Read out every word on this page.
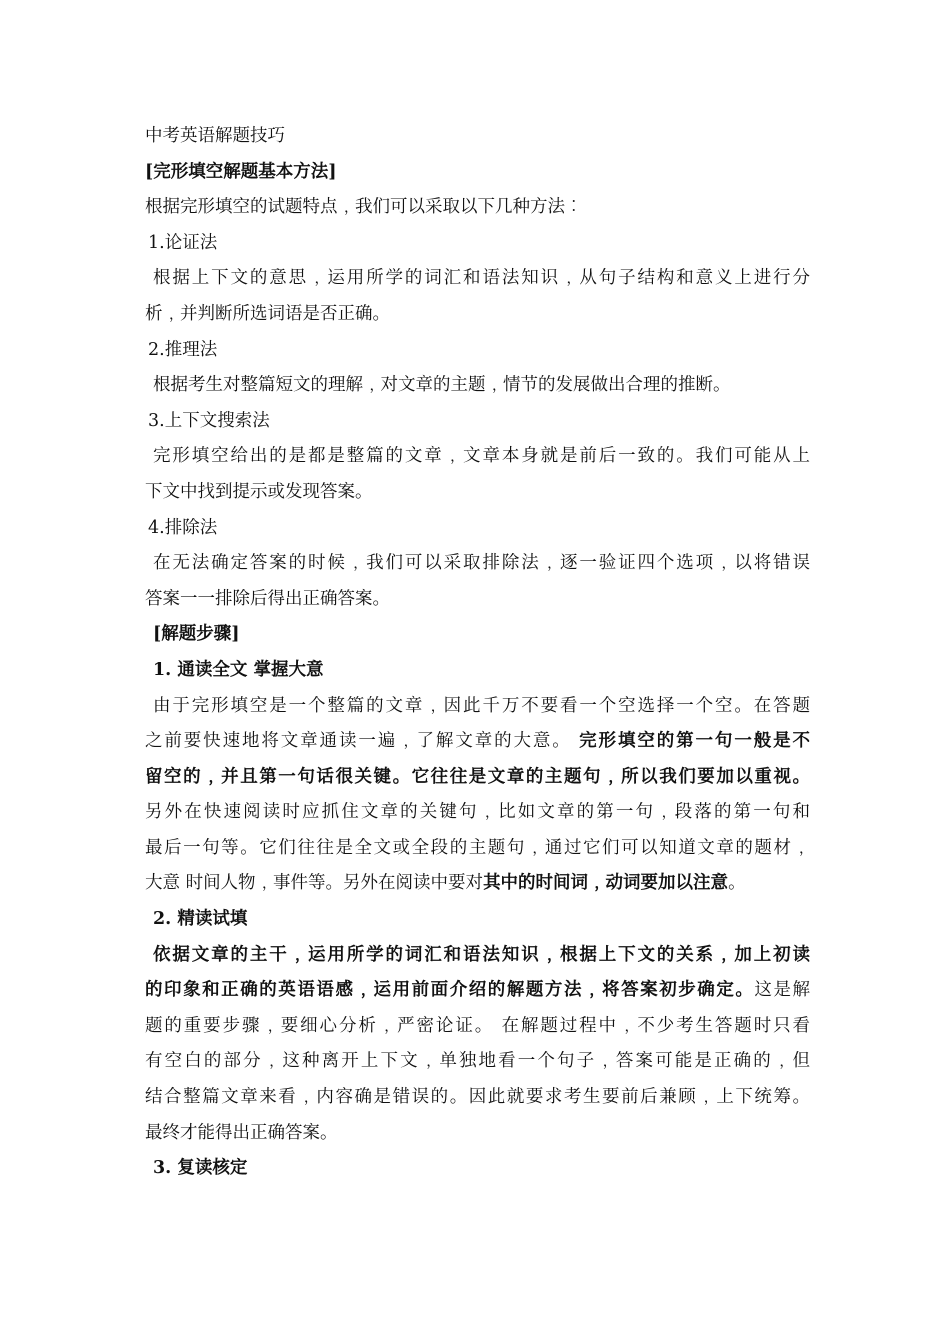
中考英语解题技巧
[完形填空解题基本方法]
根据完形填空的试题特点﹐我们可以采取以下几种方法︰
1.论证法
根据上下文的意思﹐运用所学的词汇和语法知识﹐从句子结构和意义上进行分
析﹐并判断所选词语是否正确。
2.推理法
根据考生对整篇短文的理解﹐对文章的主题﹐情节的发展做出合理的推断。
3.上下文搜索法
完形填空给出的是都是整篇的文章﹐文章本身就是前后一致的。我们可能从上
下文中找到提示或发现答案。
4.排除法
在无法确定答案的时候﹐我们可以采取排除法﹐逐一验证四个选项﹐以将错误
答案一一排除后得出正确答案。
[解题步骤]
1. 通读全文 掌握大意
由于完形填空是一个整篇的文章﹐因此千万不要看一个空选择一个空。在答题
之前要快速地将文章通读一遍﹐了解文章的大意。 完形填空的第一句一般是不
留空的﹐并且第一句话很关键。它往往是文章的主题句﹐所以我们要加以重视。
另外在快速阅读时应抓住文章的关键句﹐比如文章的第一句﹐段落的第一句和
最后一句等。它们往往是全文或全段的主题句﹐通过它们可以知道文章的题材﹐
大意 时间人物﹐事件等。另外在阅读中要对其中的时间词﹐动词要加以注意。
2. 精读试填
依据文章的主干﹐运用所学的词汇和语法知识﹐根据上下文的关系﹐加上初读
的印象和正确的英语语感﹐运用前面介绍的解题方法﹐将答案初步确定。这是解
题的重要步骤﹐要细心分析﹐严密论证。 在解题过程中﹐不少考生答题时只看
有空白的部分﹐这种离开上下文﹐单独地看一个句子﹐答案可能是正确的﹐但
结合整篇文章来看﹐内容确是错误的。因此就要求考生要前后兼顾﹐上下统筹。
最终才能得出正确答案。
3. 复读核定
